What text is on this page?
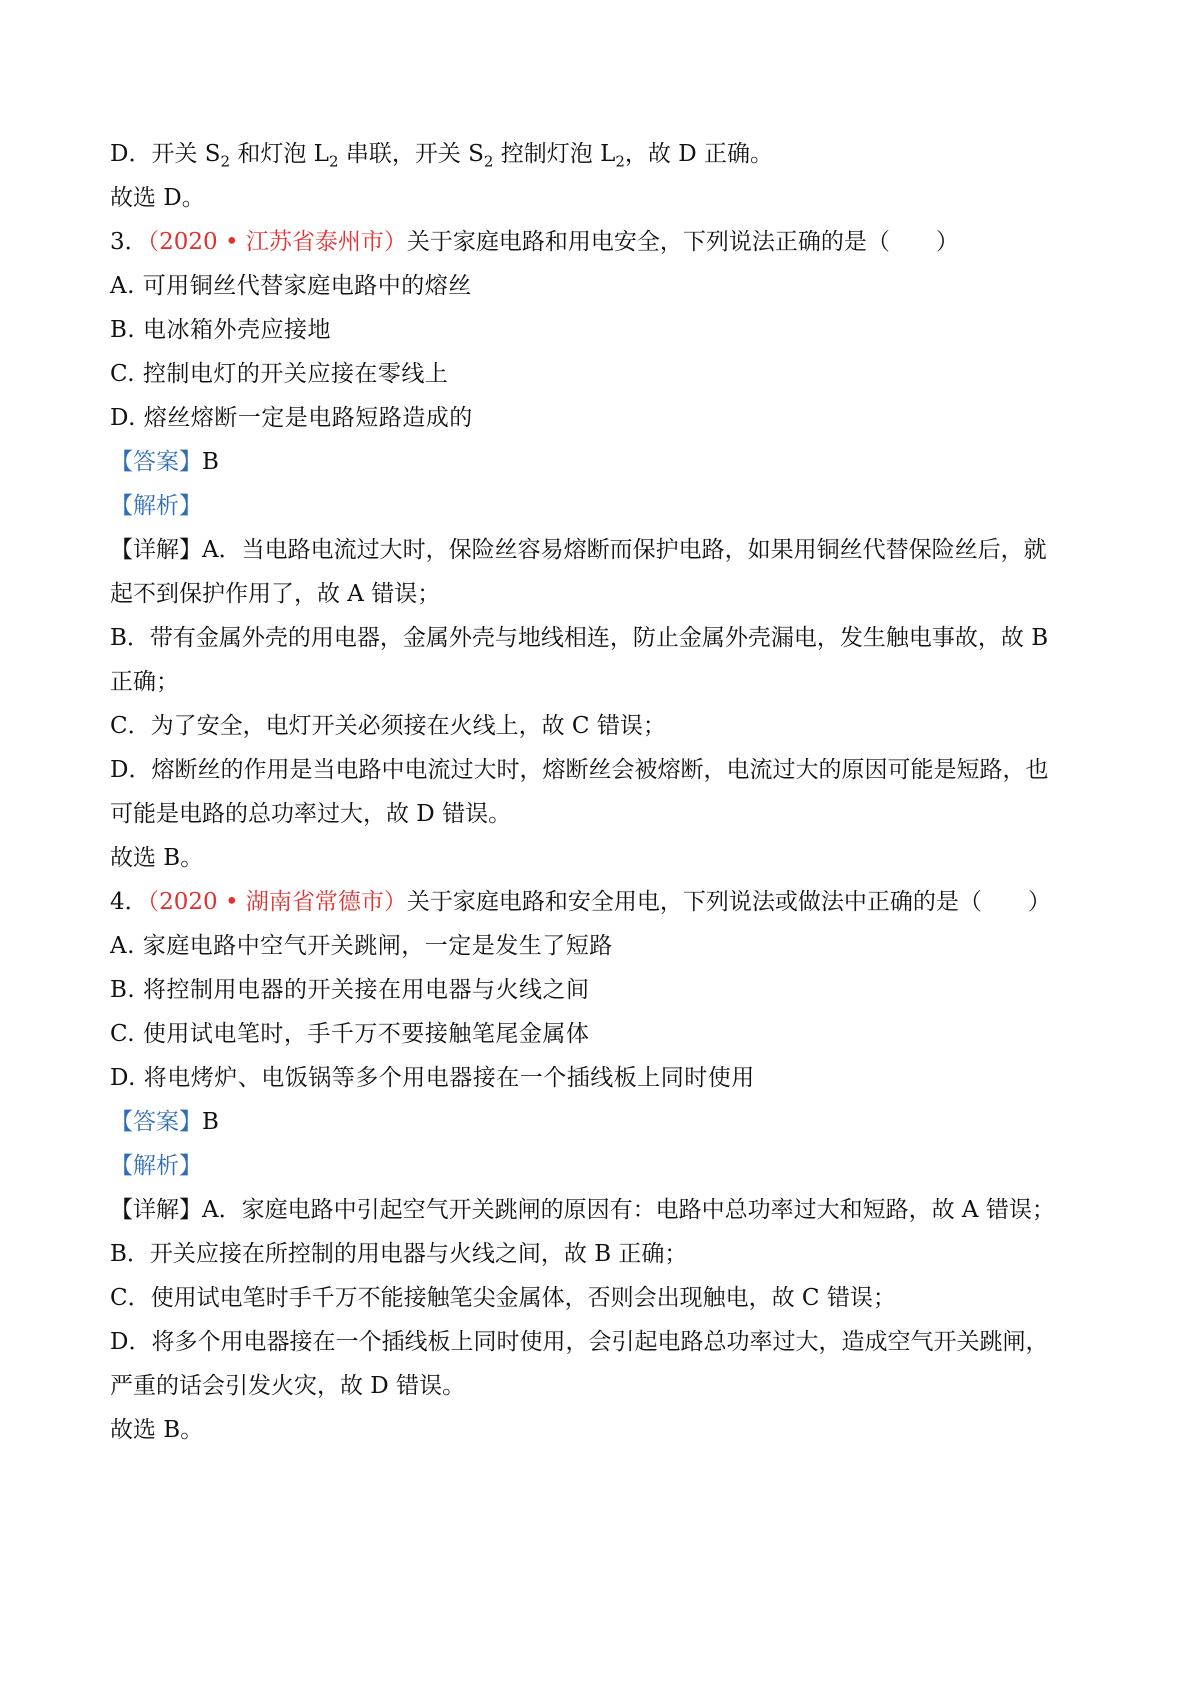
D．开关 $S_2$ 和灯泡 $L_2$ 串联，开关 $S_2$ 控制灯泡 $L_2$，故 D 正确。
故选 D。
3．（2020 • 江苏省泰州市）关于家庭电路和用电安全，下列说法正确的是（　　）
A. 可用铜丝代替家庭电路中的熔丝
B. 电冰箱外壳应接地
C. 控制电灯的开关应接在零线上
D. 熔丝熔断一定是电路短路造成的
【答案】B
【解析】
【详解】A．当电路电流过大时，保险丝容易熔断而保护电路，如果用铜丝代替保险丝后，就
起不到保护作用了，故 A 错误；
B．带有金属外壳的用电器，金属外壳与地线相连，防止金属外壳漏电，发生触电事故，故 B
正确；
C．为了安全，电灯开关必须接在火线上，故 C 错误；
D．熔断丝的作用是当电路中电流过大时，熔断丝会被熔断，电流过大的原因可能是短路，也
可能是电路的总功率过大，故 D 错误。
故选 B。
4．（2020 • 湖南省常德市）关于家庭电路和安全用电，下列说法或做法中正确的是（　　）
A. 家庭电路中空气开关跳闸，一定是发生了短路
B. 将控制用电器的开关接在用电器与火线之间
C. 使用试电笔时，手千万不要接触笔尾金属体
D. 将电烤炉、电饭锅等多个用电器接在一个插线板上同时使用
【答案】B
【解析】
【详解】A．家庭电路中引起空气开关跳闸的原因有：电路中总功率过大和短路，故 A 错误；
B．开关应接在所控制的用电器与火线之间，故 B 正确；
C．使用试电笔时手千万不能接触笔尖金属体，否则会出现触电，故 C 错误；
D．将多个用电器接在一个插线板上同时使用，会引起电路总功率过大，造成空气开关跳闸，
严重的话会引发火灾，故 D 错误。
故选 B。
